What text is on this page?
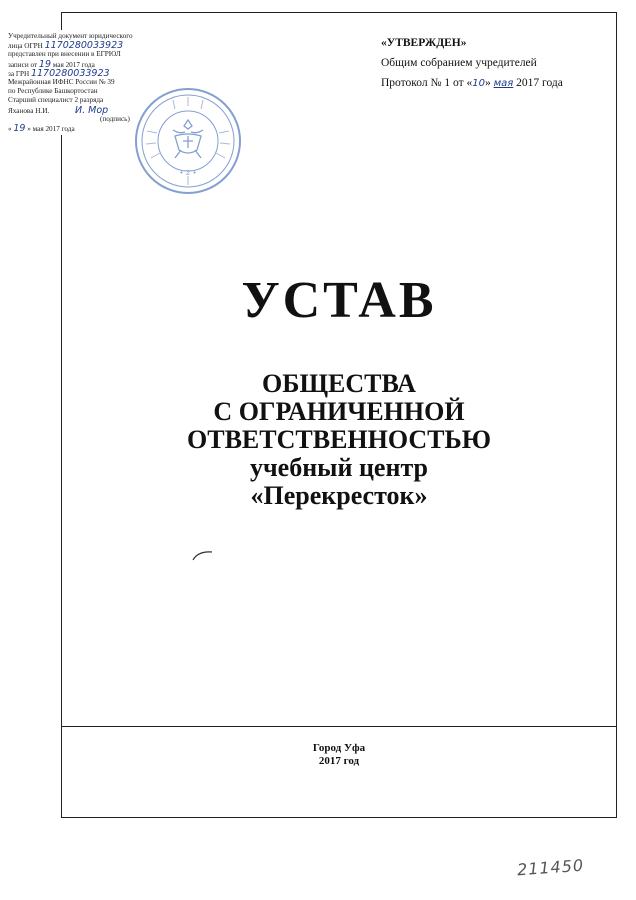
Учредительный документ юридического
лица ОГРН 1170280033923
представлен при внесении в ЕГРЮЛ
записи от 19 мая 2017 года
за ГРН 1170280033923
Межрайонная ИФНС России № 39
по Республике Башкортостан
Старший специалист 2 разряда
Яханова Н.И.	И. Мор
(подпись)
« 19 » мая 2017 года
• 2 •
«УТВЕРЖДЕН»
Общим собранием учредителей
Протокол № 1 от «10» мая 2017 года
УСТАВ
ОБЩЕСТВА
С ОГРАНИЧЕННОЙ
ОТВЕТСТВЕННОСТЬЮ
учебный центр
«Перекресток»
Город Уфа
2017 год
211450
